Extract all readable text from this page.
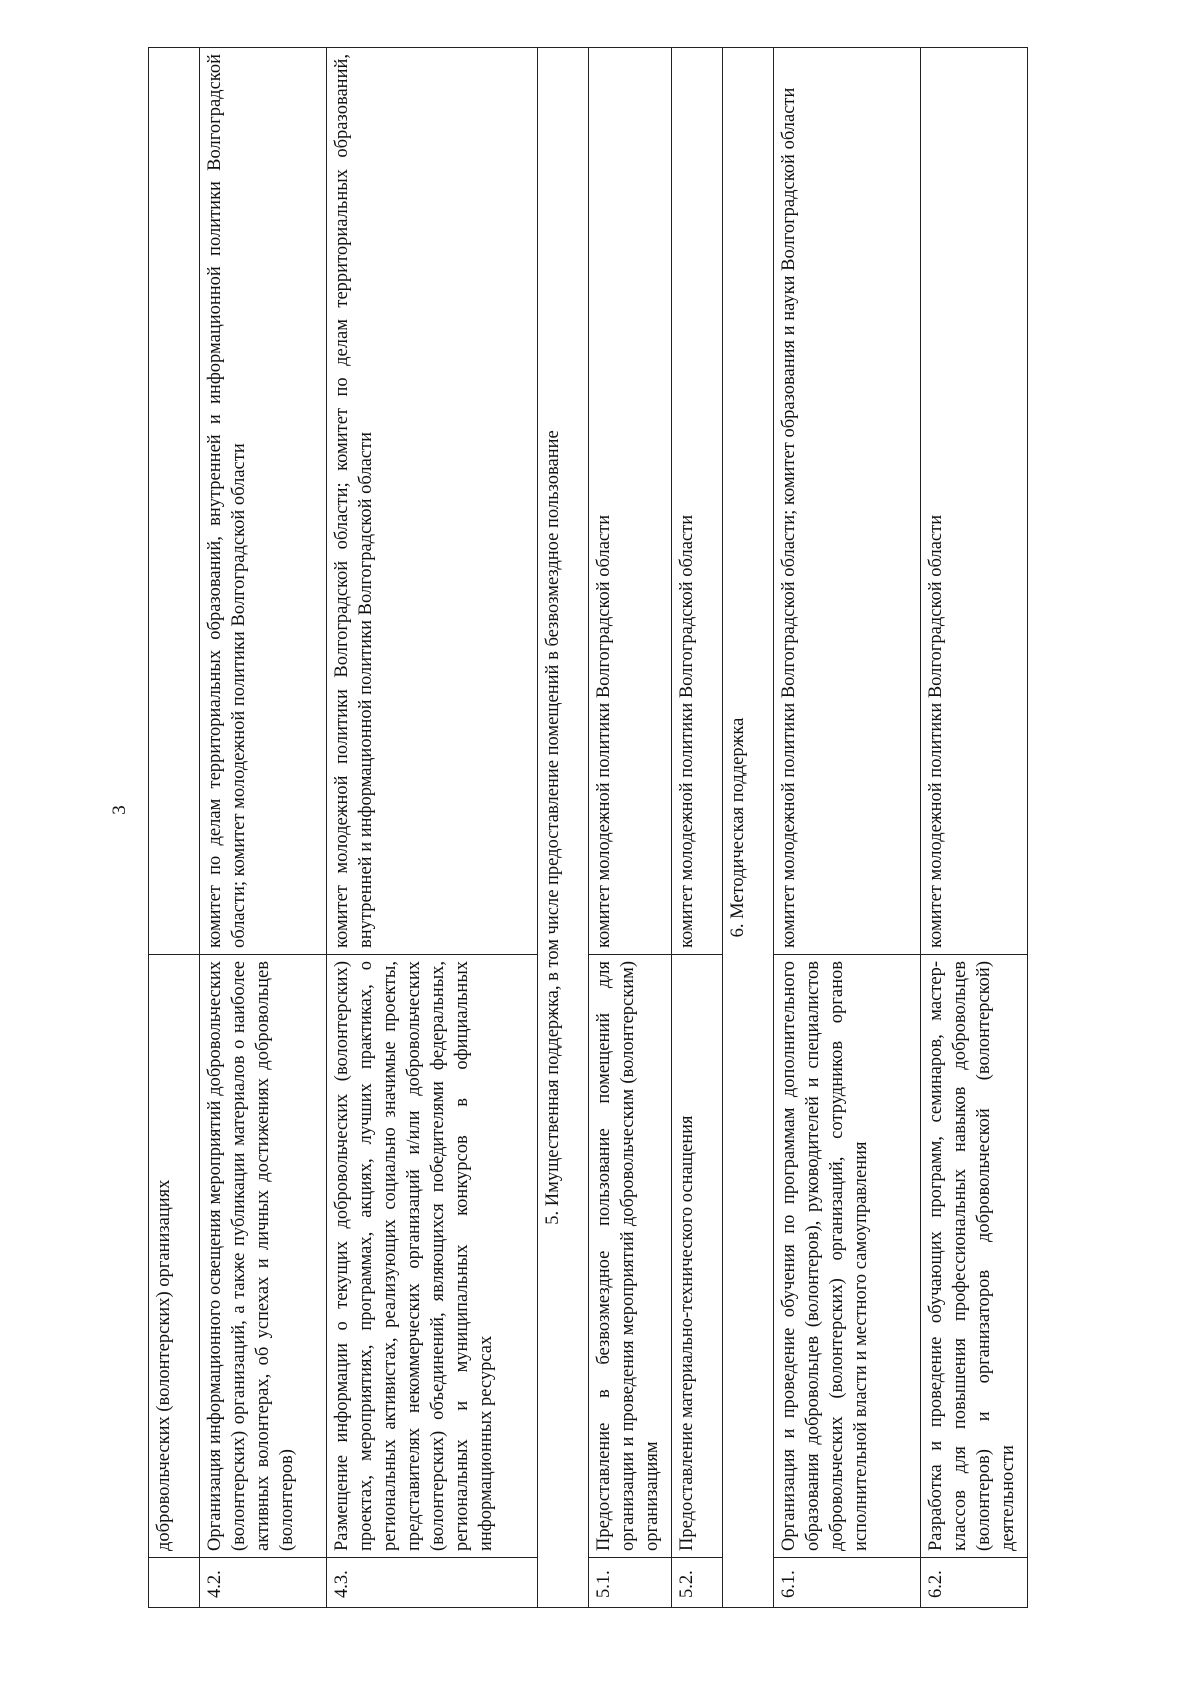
3
	добровольческих (волонтерских) организациях	
4.2.	Организация информационного освещения мероприятий добровольческих (волонтерских) организаций, а также публикации материалов о наиболее активных волонтерах, об успехах и личных достижениях добровольцев (волонтеров)	комитет по делам территориальных образований, внутренней и информационной политики Волгоградской области; комитет молодежной политики Волгоградской области
4.3.	Размещение информации о текущих добровольческих (волонтерских) проектах, мероприятиях, программах, акциях, лучших практиках, о региональных активистах, реализующих социально значимые проекты, представителях некоммерческих организаций и/или добровольческих (волонтерских) объединений, являющихся победителями федеральных, региональных и муниципальных конкурсов в официальных информационных ресурсах	комитет молодежной политики Волгоградской области; комитет по делам территориальных образований, внутренней и информационной политики Волгоградской области
5. Имущественная поддержка, в том числе предоставление помещений в безвозмездное пользование		
5.1.	Предоставление в безвозмездное пользование помещений для организации и проведения мероприятий добровольческим (волонтерским) организациям	комитет молодежной политики Волгоградской области
5.2.	Предоставление материально-технического оснащения	комитет молодежной политики Волгоградской области
6. Методическая поддержка		
6.1.	Организация и проведение обучения по программам дополнительного образования добровольцев (волонтеров), руководителей и специалистов добровольческих (волонтерских) организаций, сотрудников органов исполнительной власти и местного самоуправления	комитет молодежной политики Волгоградской области; комитет образования и науки Волгоградской области
6.2.	Разработка и проведение обучающих программ, семинаров, мастер-классов для повышения профессиональных навыков добровольцев (волонтеров) и организаторов добровольческой (волонтерской) деятельности	комитет молодежной политики Волгоградской области
